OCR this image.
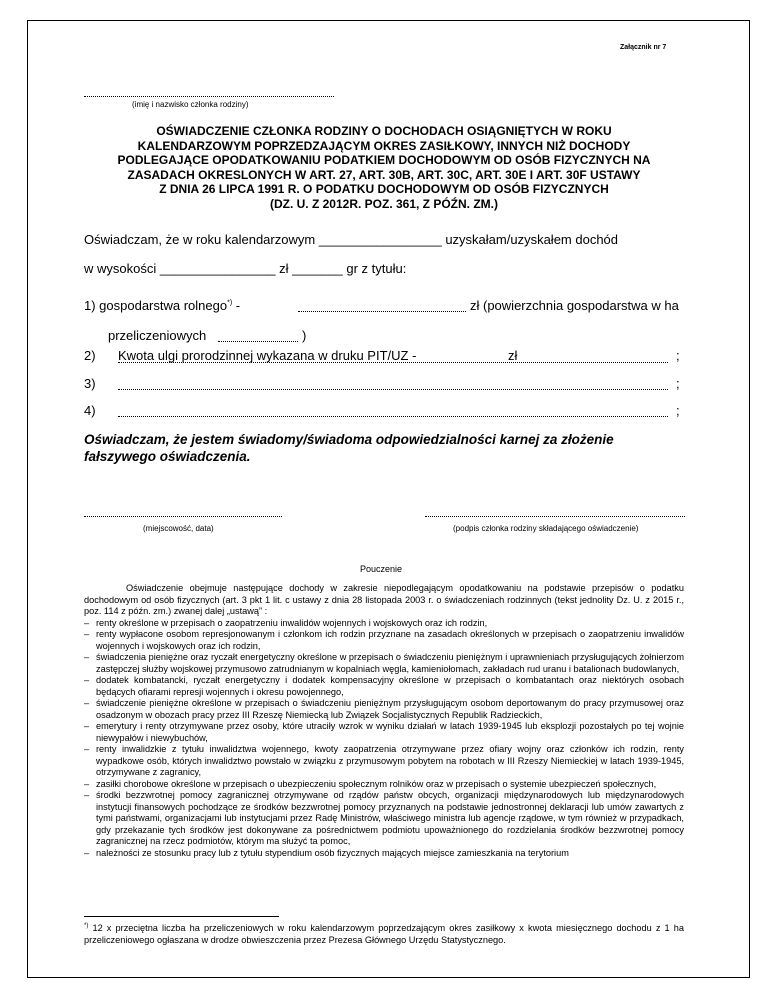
Załącznik nr 7
(imię i nazwisko członka rodziny)
OŚWIADCZENIE CZŁONKA RODZINY O DOCHODACH OSIĄGNIĘTYCH W ROKU
KALENDARZOWYM POPRZEDZAJĄCYM OKRES ZASIŁKOWY, INNYCH NIŻ DOCHODY
PODLEGAJĄCE OPODATKOWANIU PODATKIEM DOCHODOWYM OD OSÓB FIZYCZNYCH NA
ZASADACH OKRESLONYCH W ART. 27, ART. 30B, ART. 30C, ART. 30E I ART. 30F USTAWY
Z DNIA 26 LIPCA 1991 R. O PODATKU DOCHODOWYM OD OSÓB FIZYCZNYCH
(DZ. U. Z 2012R. POZ. 361, Z PÓŹN. ZM.)
Oświadczam, że w roku kalendarzowym _________________ uzyskałam/uzyskałem dochód
w wysokości ________________ zł _______ gr z tytułu:
1) gospodarstwa rolnego*) -	zł (powierzchnia gospodarstwa w ha
przeliczeniowych	)
2) Kwota ulgi prorodzinnej wykazana w druku PIT/UZ -	zł	;
3)	;
4)	;
Oświadczam, że jestem świadomy/świadoma odpowiedzialności karnej za złożenie fałszywego oświadczenia.
(miejscowość, data)	(podpis członka rodziny składającego oświadczenie)
Pouczenie

Oświadczenie obejmuje następujące dochody w zakresie niepodlegającym opodatkowaniu na podstawie przepisów o podatku dochodowym od osób fizycznych (art. 3 pkt 1 lit. c ustawy z dnia 28 listopada 2003 r. o świadczeniach rodzinnych (tekst jednolity Dz. U. z 2015 r., poz. 114 z późn. zm.) zwanej dalej „ustawą” :

– renty określone w przepisach o zaopatrzeniu inwalidów wojennych i wojskowych oraz ich rodzin,
– renty wypłacone osobom represjonowanym i członkom ich rodzin przyznane na zasadach określonych w przepisach o zaopatrzeniu inwalidów wojennych i wojskowych oraz ich rodzin,
– świadczenia pieniężne oraz ryczałt energetyczny określone w przepisach o świadczeniu pieniężnym i uprawnieniach przysługujących żołnierzom zastępczej służby wojskowej przymusowo zatrudnianym w kopalniach węgla, kamieniołomach, zakładach rud uranu i batalionach budowlanych,
– dodatek kombatancki, ryczałt energetyczny i dodatek kompensacyjny określone w przepisach o kombatantach oraz niektórych osobach będących ofiarami represji wojennych i okresu powojennego,
– świadczenie pieniężne określone w przepisach o świadczeniu pieniężnym przysługującym osobom deportowanym do pracy przymusowej oraz osadzonym w obozach pracy przez III Rzeszę Niemiecką lub Związek Socjalistycznych Republik Radzieckich,
– emerytury i renty otrzymywane przez osoby, które utraciły wzrok w wyniku działań w latach 1939-1945 lub eksplozji pozostałych po tej wojnie niewypałów i niewybuchów,
– renty inwalidzkie z tytułu inwalidztwa wojennego, kwoty zaopatrzenia otrzymywane przez ofiary wojny oraz członków ich rodzin, renty wypadkowe osób, których inwalidztwo powstało w związku z przymusowym pobytem na robotach w III Rzeszy Niemieckiej w latach 1939-1945, otrzymywane z zagranicy,
– zasiłki chorobowe określone w przepisach o ubezpieczeniu społecznym rolników oraz w przepisach o systemie ubezpieczeń społecznych,
– środki bezzwrotnej pomocy zagranicznej otrzymywane od rządów państw obcych, organizacji międzynarodowych lub międzynarodowych instytucji finansowych pochodzące ze środków bezzwrotnej pomocy przyznanych na podstawie jednostronnej deklaracji lub umów zawartych z tymi państwami, organizacjami lub instytucjami przez Radę Ministrów, właściwego ministra lub agencje rządowe, w tym również w przypadkach, gdy przekazanie tych środków jest dokonywane za pośrednictwem podmiotu upoważnionego do rozdzielania środków bezzwrotnej pomocy zagranicznej na rzecz podmiotów, którym ma służyć ta pomoc,
– należności ze stosunku pracy lub z tytułu stypendium osób fizycznych mających miejsce zamieszkania na terytorium
*) 12 x przeciętna liczba ha przeliczeniowych w roku kalendarzowym poprzedzającym okres zasiłkowy x kwota miesięcznego dochodu z 1 ha przeliczeniowego ogłaszana w drodze obwieszczenia przez Prezesa Głównego Urzędu Statystycznego.
